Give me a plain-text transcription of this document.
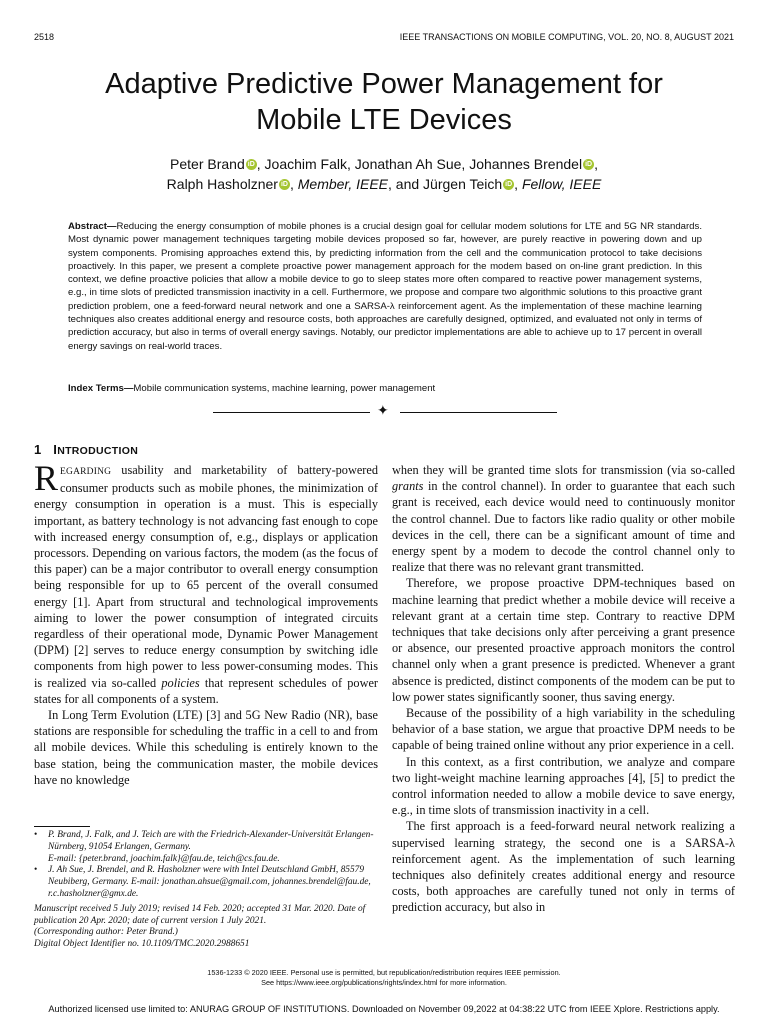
2518	IEEE TRANSACTIONS ON MOBILE COMPUTING, VOL. 20, NO. 8, AUGUST 2021
Adaptive Predictive Power Management for
Mobile LTE Devices
Peter Brand iD , Joachim Falk, Jonathan Ah Sue, Johannes Brendel iD ,
Ralph Hasholzner iD , Member, IEEE, and Jürgen Teich iD , Fellow, IEEE
Abstract—Reducing the energy consumption of mobile phones is a crucial design goal for cellular modem solutions for LTE and 5G NR standards. Most dynamic power management techniques targeting mobile devices proposed so far, however, are purely reactive in powering down and up system components. Promising approaches extend this, by predicting information from the cell and the communication protocol to take decisions proactively. In this paper, we present a complete proactive power management approach for the modem based on on-line grant prediction. In this context, we define proactive policies that allow a mobile device to go to sleep states more often compared to reactive power management systems, e.g., in time slots of predicted transmission inactivity in a cell. Furthermore, we propose and compare two algorithmic solutions to this proactive grant prediction problem, one a feed-forward neural network and one a SARSA-λ reinforcement agent. As the implementation of these machine learning techniques also creates additional energy and resource costs, both approaches are carefully designed, optimized, and evaluated not only in terms of prediction accuracy, but also in terms of overall energy savings. Notably, our predictor implementations are able to achieve up to 17 percent in overall energy savings on real-world traces.
Index Terms—Mobile communication systems, machine learning, power management
✦
1 INTRODUCTION

REGARDING usability and marketability of battery-powered consumer products such as mobile phones, the minimization of energy consumption in operation is a must. This is especially important, as battery technology is not advancing fast enough to cope with increased energy consumption of, e.g., displays or application processors. Depending on various factors, the modem (as the focus of this paper) can be a major contributor to overall energy consumption being responsible for up to 65 percent of the overall consumed energy [1]. Apart from structural and technological improvements aiming to lower the power consumption of integrated circuits regardless of their operational mode, Dynamic Power Management (DPM) [2] serves to reduce energy consumption by switching idle components from high power to less power-consuming modes. This is realized via so-called policies that represent schedules of power states for all components of a system.

In Long Term Evolution (LTE) [3] and 5G New Radio (NR), base stations are responsible for scheduling the traffic in a cell to and from all mobile devices. While this scheduling is entirely known to the base station, being the communication master, the mobile devices have no knowledge

when they will be granted time slots for transmission (via so-called grants in the control channel). In order to guarantee that each such grant is received, each device would need to continuously monitor the control channel. Due to factors like radio quality or other mobile devices in the cell, there can be a significant amount of time and energy spent by a modem to decode the control channel only to realize that there was no relevant grant transmitted.

Therefore, we propose proactive DPM-techniques based on machine learning that predict whether a mobile device will receive a relevant grant at a certain time step. Contrary to reactive DPM techniques that take decisions only after perceiving a grant presence or absence, our presented proactive approach monitors the control channel only when a grant presence is predicted. Whenever a grant absence is predicted, distinct components of the modem can be put to low power states significantly sooner, thus saving energy.

Because of the possibility of a high variability in the scheduling behavior of a base station, we argue that proactive DPM needs to be capable of being trained online without any prior experience in a cell.

In this context, as a first contribution, we analyze and compare two light-weight machine learning approaches [4], [5] to predict the control information needed to allow a mobile device to save energy, e.g., in time slots of transmission inactivity in a cell.

The first approach is a feed-forward neural network realizing a supervised learning strategy, the second one is a SARSA-λ reinforcement agent. As the implementation of such learning techniques also definitely creates additional energy and resource costs, both approaches are carefully tuned not only in terms of prediction accuracy, but also in

• P. Brand, J. Falk, and J. Teich are with the Friedrich-Alexander-Universität Erlangen-Nürnberg, 91054 Erlangen, Germany.
E-mail: {peter.brand, joachim.falk}@fau.de, teich@cs.fau.de.
• J. Ah Sue, J. Brendel, and R. Hasholzner were with Intel Deutschland GmbH, 85579 Neubiberg, Germany. E-mail: jonathan.ahsue@gmail.com, johannes.brendel@fau.de, r.c.hasholzner@gmx.de.
Manuscript received 5 July 2019; revised 14 Feb. 2020; accepted 31 Mar. 2020. Date of publication 20 Apr. 2020; date of current version 1 July 2021.
(Corresponding author: Peter Brand.)
Digital Object Identifier no. 10.1109/TMC.2020.2988651
1536-1233 © 2020 IEEE. Personal use is permitted, but republication/redistribution requires IEEE permission.
See https://www.ieee.org/publications/rights/index.html for more information.
Authorized licensed use limited to: ANURAG GROUP OF INSTITUTIONS. Downloaded on November 09,2022 at 04:38:22 UTC from IEEE Xplore. Restrictions apply.
